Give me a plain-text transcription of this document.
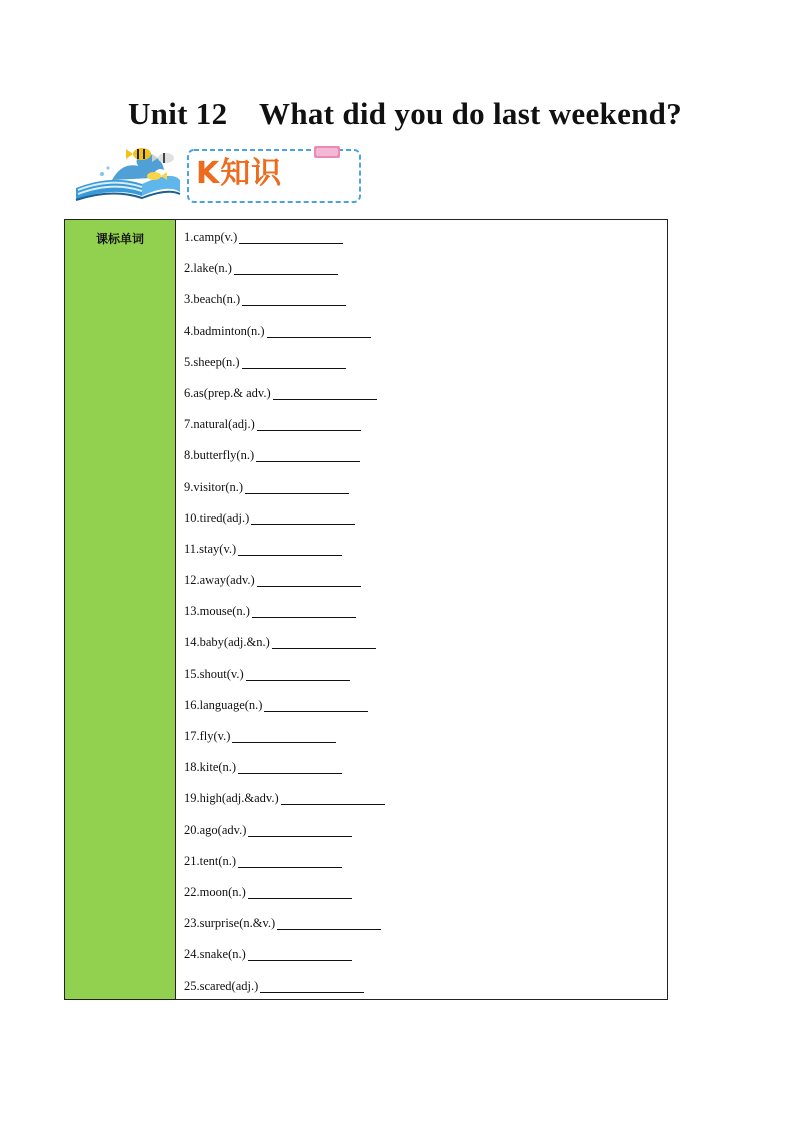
Unit 12    What did you do last weekend?
K知识
课标单词	1.camp(v.)
2.lake(n.)
3.beach(n.)
4.badminton(n.)
5.sheep(n.)
6.as(prep.& adv.)
7.natural(adj.)
8.butterfly(n.)
9.visitor(n.)
10.tired(adj.)
11.stay(v.)
12.away(adv.)
13.mouse(n.)
14.baby(adj.&n.)
15.shout(v.)
16.language(n.)
17.fly(v.)
18.kite(n.)
19.high(adj.&adv.)
20.ago(adv.)
21.tent(n.)
22.moon(n.)
23.surprise(n.&v.)
24.snake(n.)
25.scared(adj.)
